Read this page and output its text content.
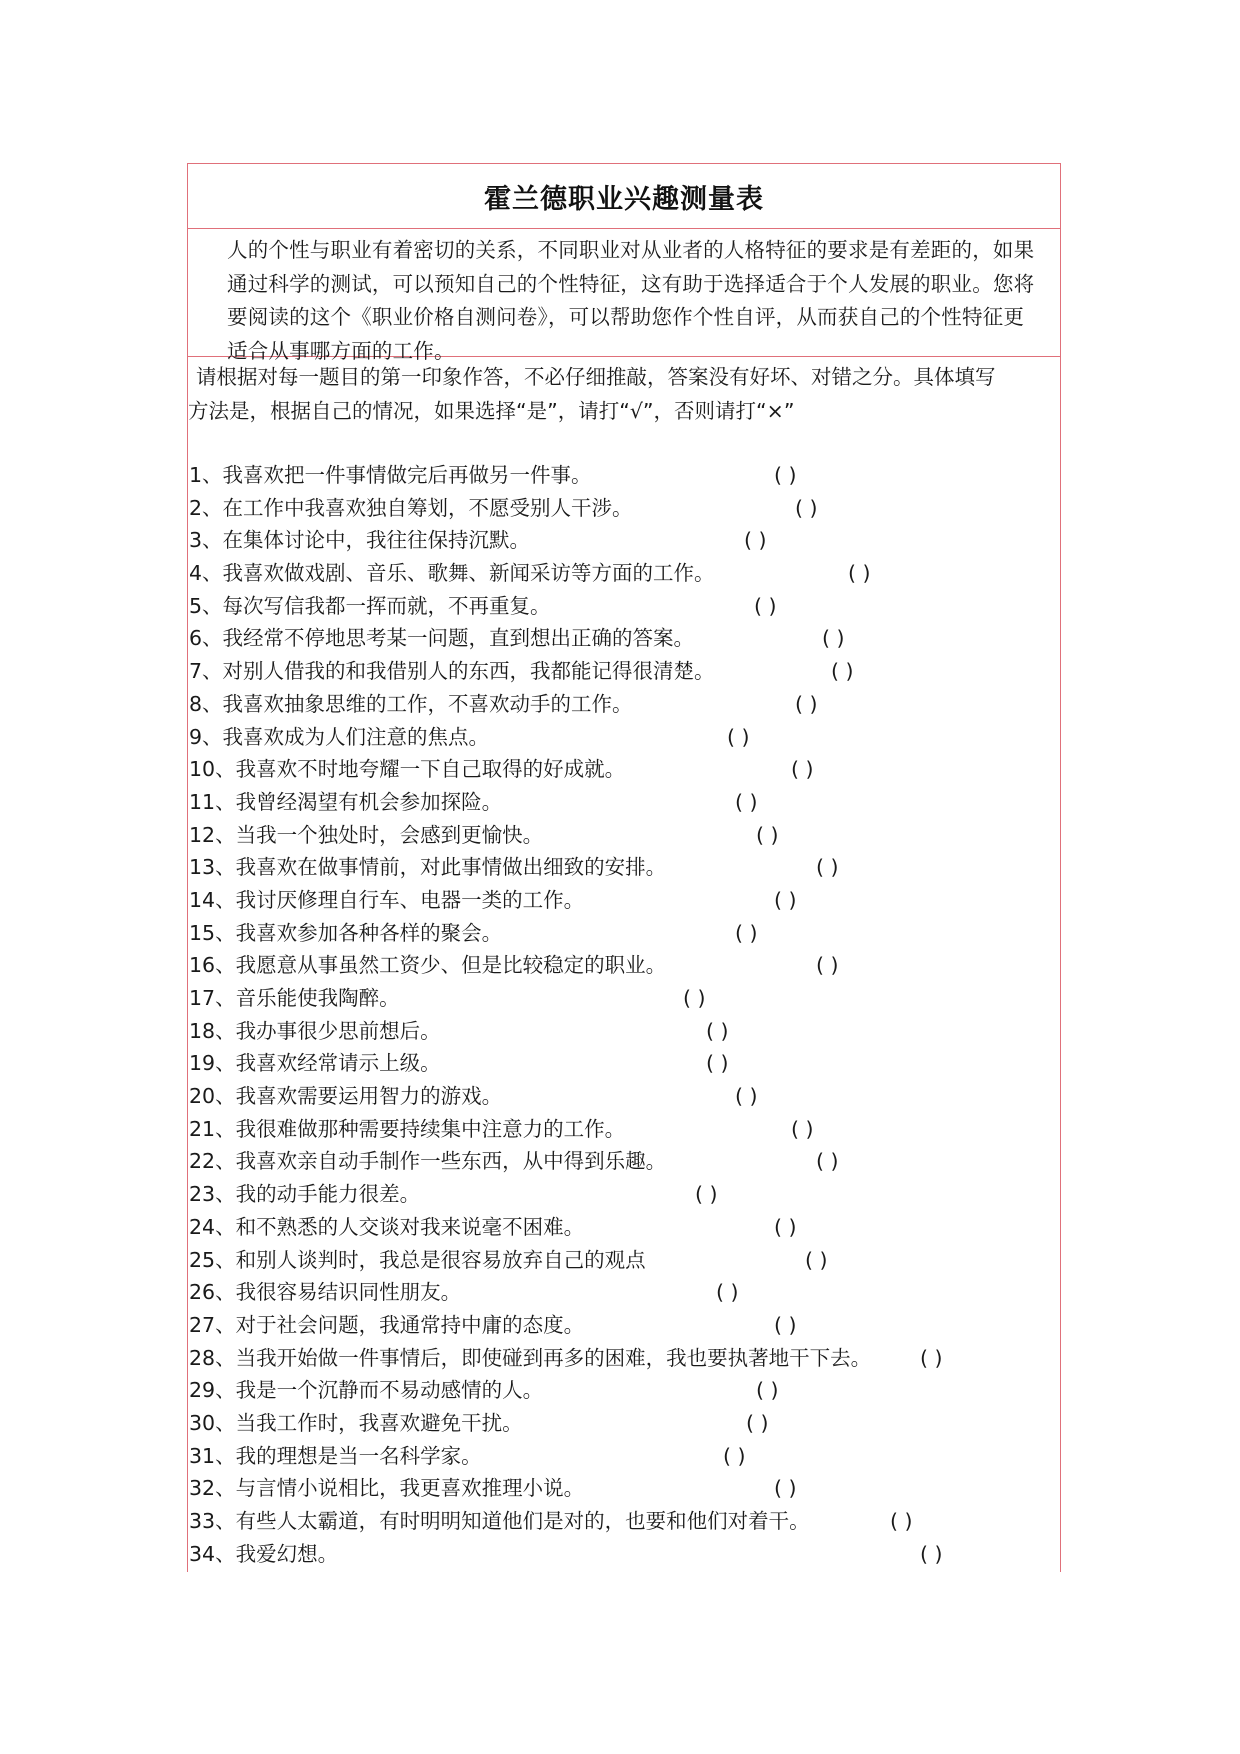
霍兰德职业兴趣测量表
人的个性与职业有着密切的关系，不同职业对从业者的人格特征的要求是有差距的，如果通过科学的测试，可以预知自己的个性特征，这有助于选择适合于个人发展的职业。您将要阅读的这个《职业价格自测问卷》，可以帮助您作个性自评，从而获自己的个性特征更适合从事哪方面的工作。
请根据对每一题目的第一印象作答，不必仔细推敲，答案没有好坏、对错之分。具体填写
方法是，根据自己的情况，如果选择“是”，请打“√”，否则请打“×”
1、我喜欢把一件事情做完后再做另一件事。	( )
2、在工作中我喜欢独自筹划，不愿受别人干涉。	( )
3、在集体讨论中，我往往保持沉默。	( )
4、我喜欢做戏剧、音乐、歌舞、新闻采访等方面的工作。	( )
5、每次写信我都一挥而就，不再重复。	( )
6、我经常不停地思考某一问题，直到想出正确的答案。	( )
7、对别人借我的和我借别人的东西，我都能记得很清楚。	( )
8、我喜欢抽象思维的工作，不喜欢动手的工作。	( )
9、我喜欢成为人们注意的焦点。	( )
10、我喜欢不时地夸耀一下自己取得的好成就。	( )
11、我曾经渴望有机会参加探险。	( )
12、当我一个独处时，会感到更愉快。	( )
13、我喜欢在做事情前，对此事情做出细致的安排。	( )
14、我讨厌修理自行车、电器一类的工作。	( )
15、我喜欢参加各种各样的聚会。	( )
16、我愿意从事虽然工资少、但是比较稳定的职业。	( )
17、音乐能使我陶醉。	( )
18、我办事很少思前想后。	( )
19、我喜欢经常请示上级。	( )
20、我喜欢需要运用智力的游戏。	( )
21、我很难做那种需要持续集中注意力的工作。	( )
22、我喜欢亲自动手制作一些东西，从中得到乐趣。	( )
23、我的动手能力很差。	( )
24、和不熟悉的人交谈对我来说毫不困难。	( )
25、和别人谈判时，我总是很容易放弃自己的观点	( )
26、我很容易结识同性朋友。	( )
27、对于社会问题，我通常持中庸的态度。	( )
28、当我开始做一件事情后，即使碰到再多的困难，我也要执著地干下去。 ( )
29、我是一个沉静而不易动感情的人。	( )
30、当我工作时，我喜欢避免干扰。	( )
31、我的理想是当一名科学家。	( )
32、与言情小说相比，我更喜欢推理小说。	( )
33、有些人太霸道，有时明明知道他们是对的，也要和他们对着干。	( )
34、我爱幻想。	( )
